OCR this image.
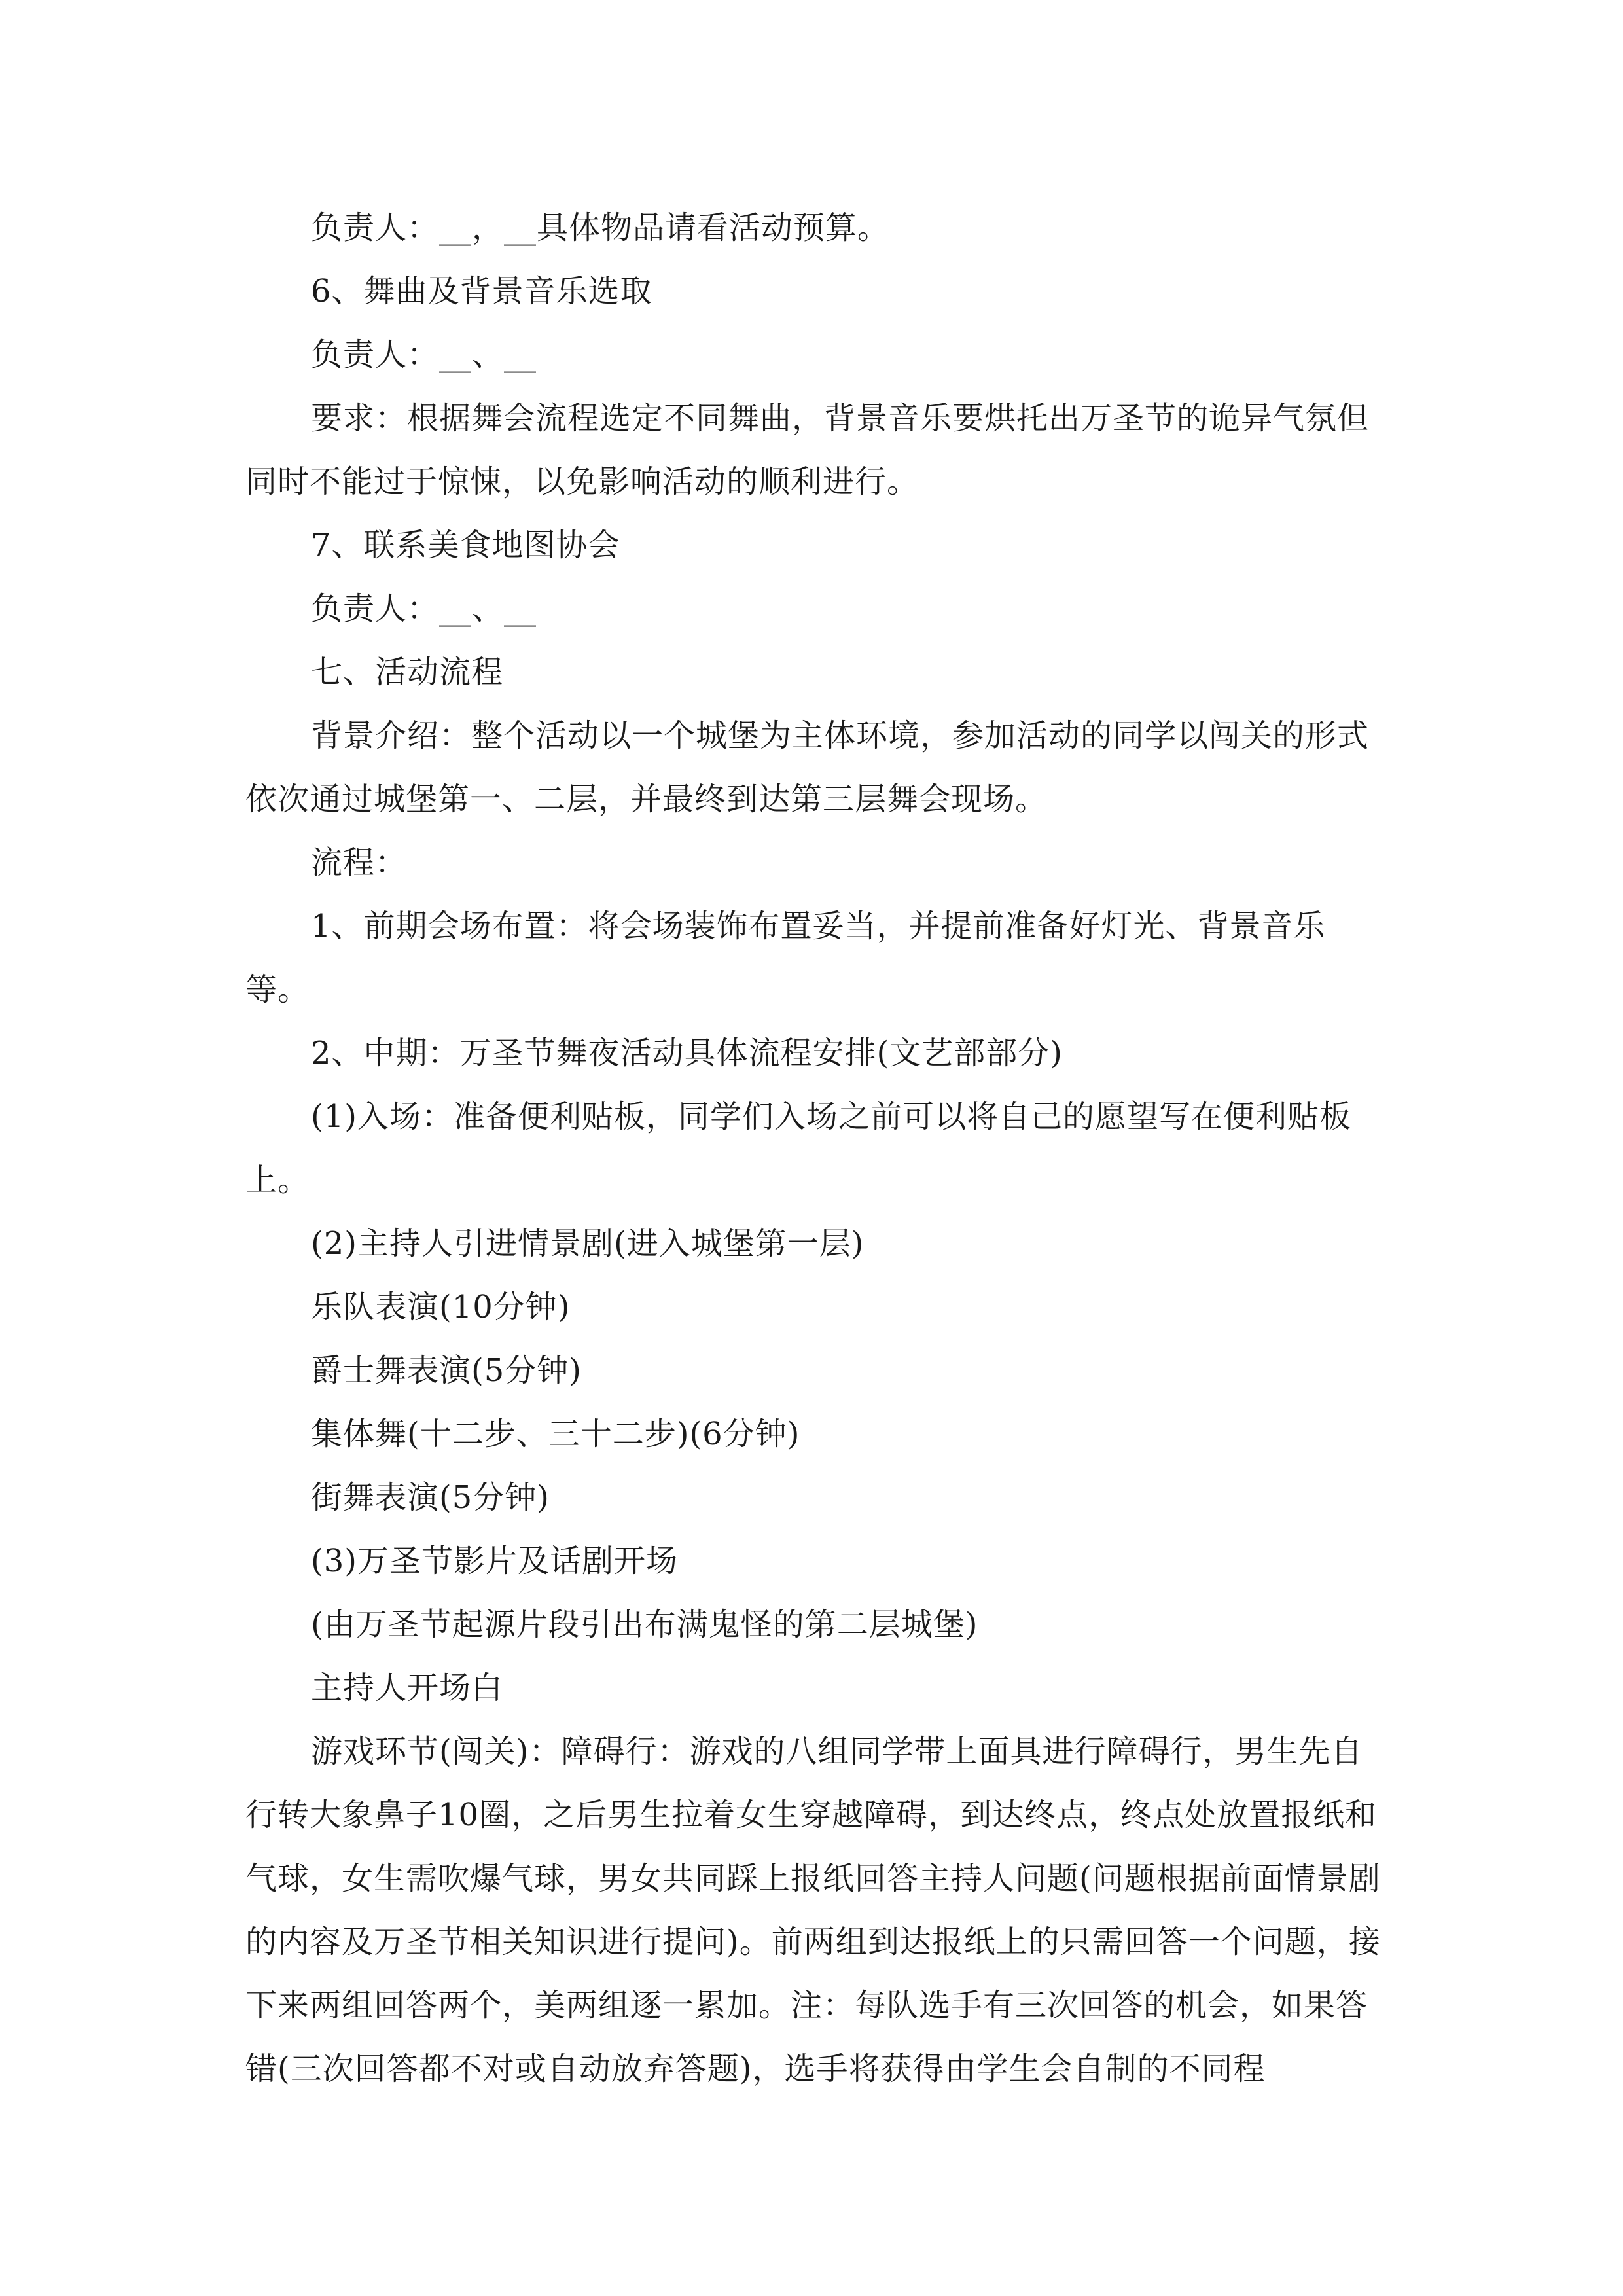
负责人：__，__具体物品请看活动预算。

6、舞曲及背景音乐选取

负责人：__、__

要求：根据舞会流程选定不同舞曲，背景音乐要烘托出万圣节的诡异气氛但同时不能过于惊悚，以免影响活动的顺利进行。

7、联系美食地图协会

负责人：__、__

七、活动流程

背景介绍：整个活动以一个城堡为主体环境，参加活动的同学以闯关的形式依次通过城堡第一、二层，并最终到达第三层舞会现场。

流程：

1、前期会场布置：将会场装饰布置妥当，并提前准备好灯光、背景音乐等。

2、中期：万圣节舞夜活动具体流程安排(文艺部部分)

(1)入场：准备便利贴板，同学们入场之前可以将自己的愿望写在便利贴板上。

(2)主持人引进情景剧(进入城堡第一层)

乐队表演(10分钟)

爵士舞表演(5分钟)

集体舞(十二步、三十二步)(6分钟)

街舞表演(5分钟)

(3)万圣节影片及话剧开场

(由万圣节起源片段引出布满鬼怪的第二层城堡)

主持人开场白

游戏环节(闯关)：障碍行：游戏的八组同学带上面具进行障碍行，男生先自行转大象鼻子10圈，之后男生拉着女生穿越障碍，到达终点，终点处放置报纸和气球，女生需吹爆气球，男女共同踩上报纸回答主持人问题(问题根据前面情景剧的内容及万圣节相关知识进行提问)。前两组到达报纸上的只需回答一个问题，接下来两组回答两个，美两组逐一累加。注：每队选手有三次回答的机会，如果答错(三次回答都不对或自动放弃答题)，选手将获得由学生会自制的不同程
